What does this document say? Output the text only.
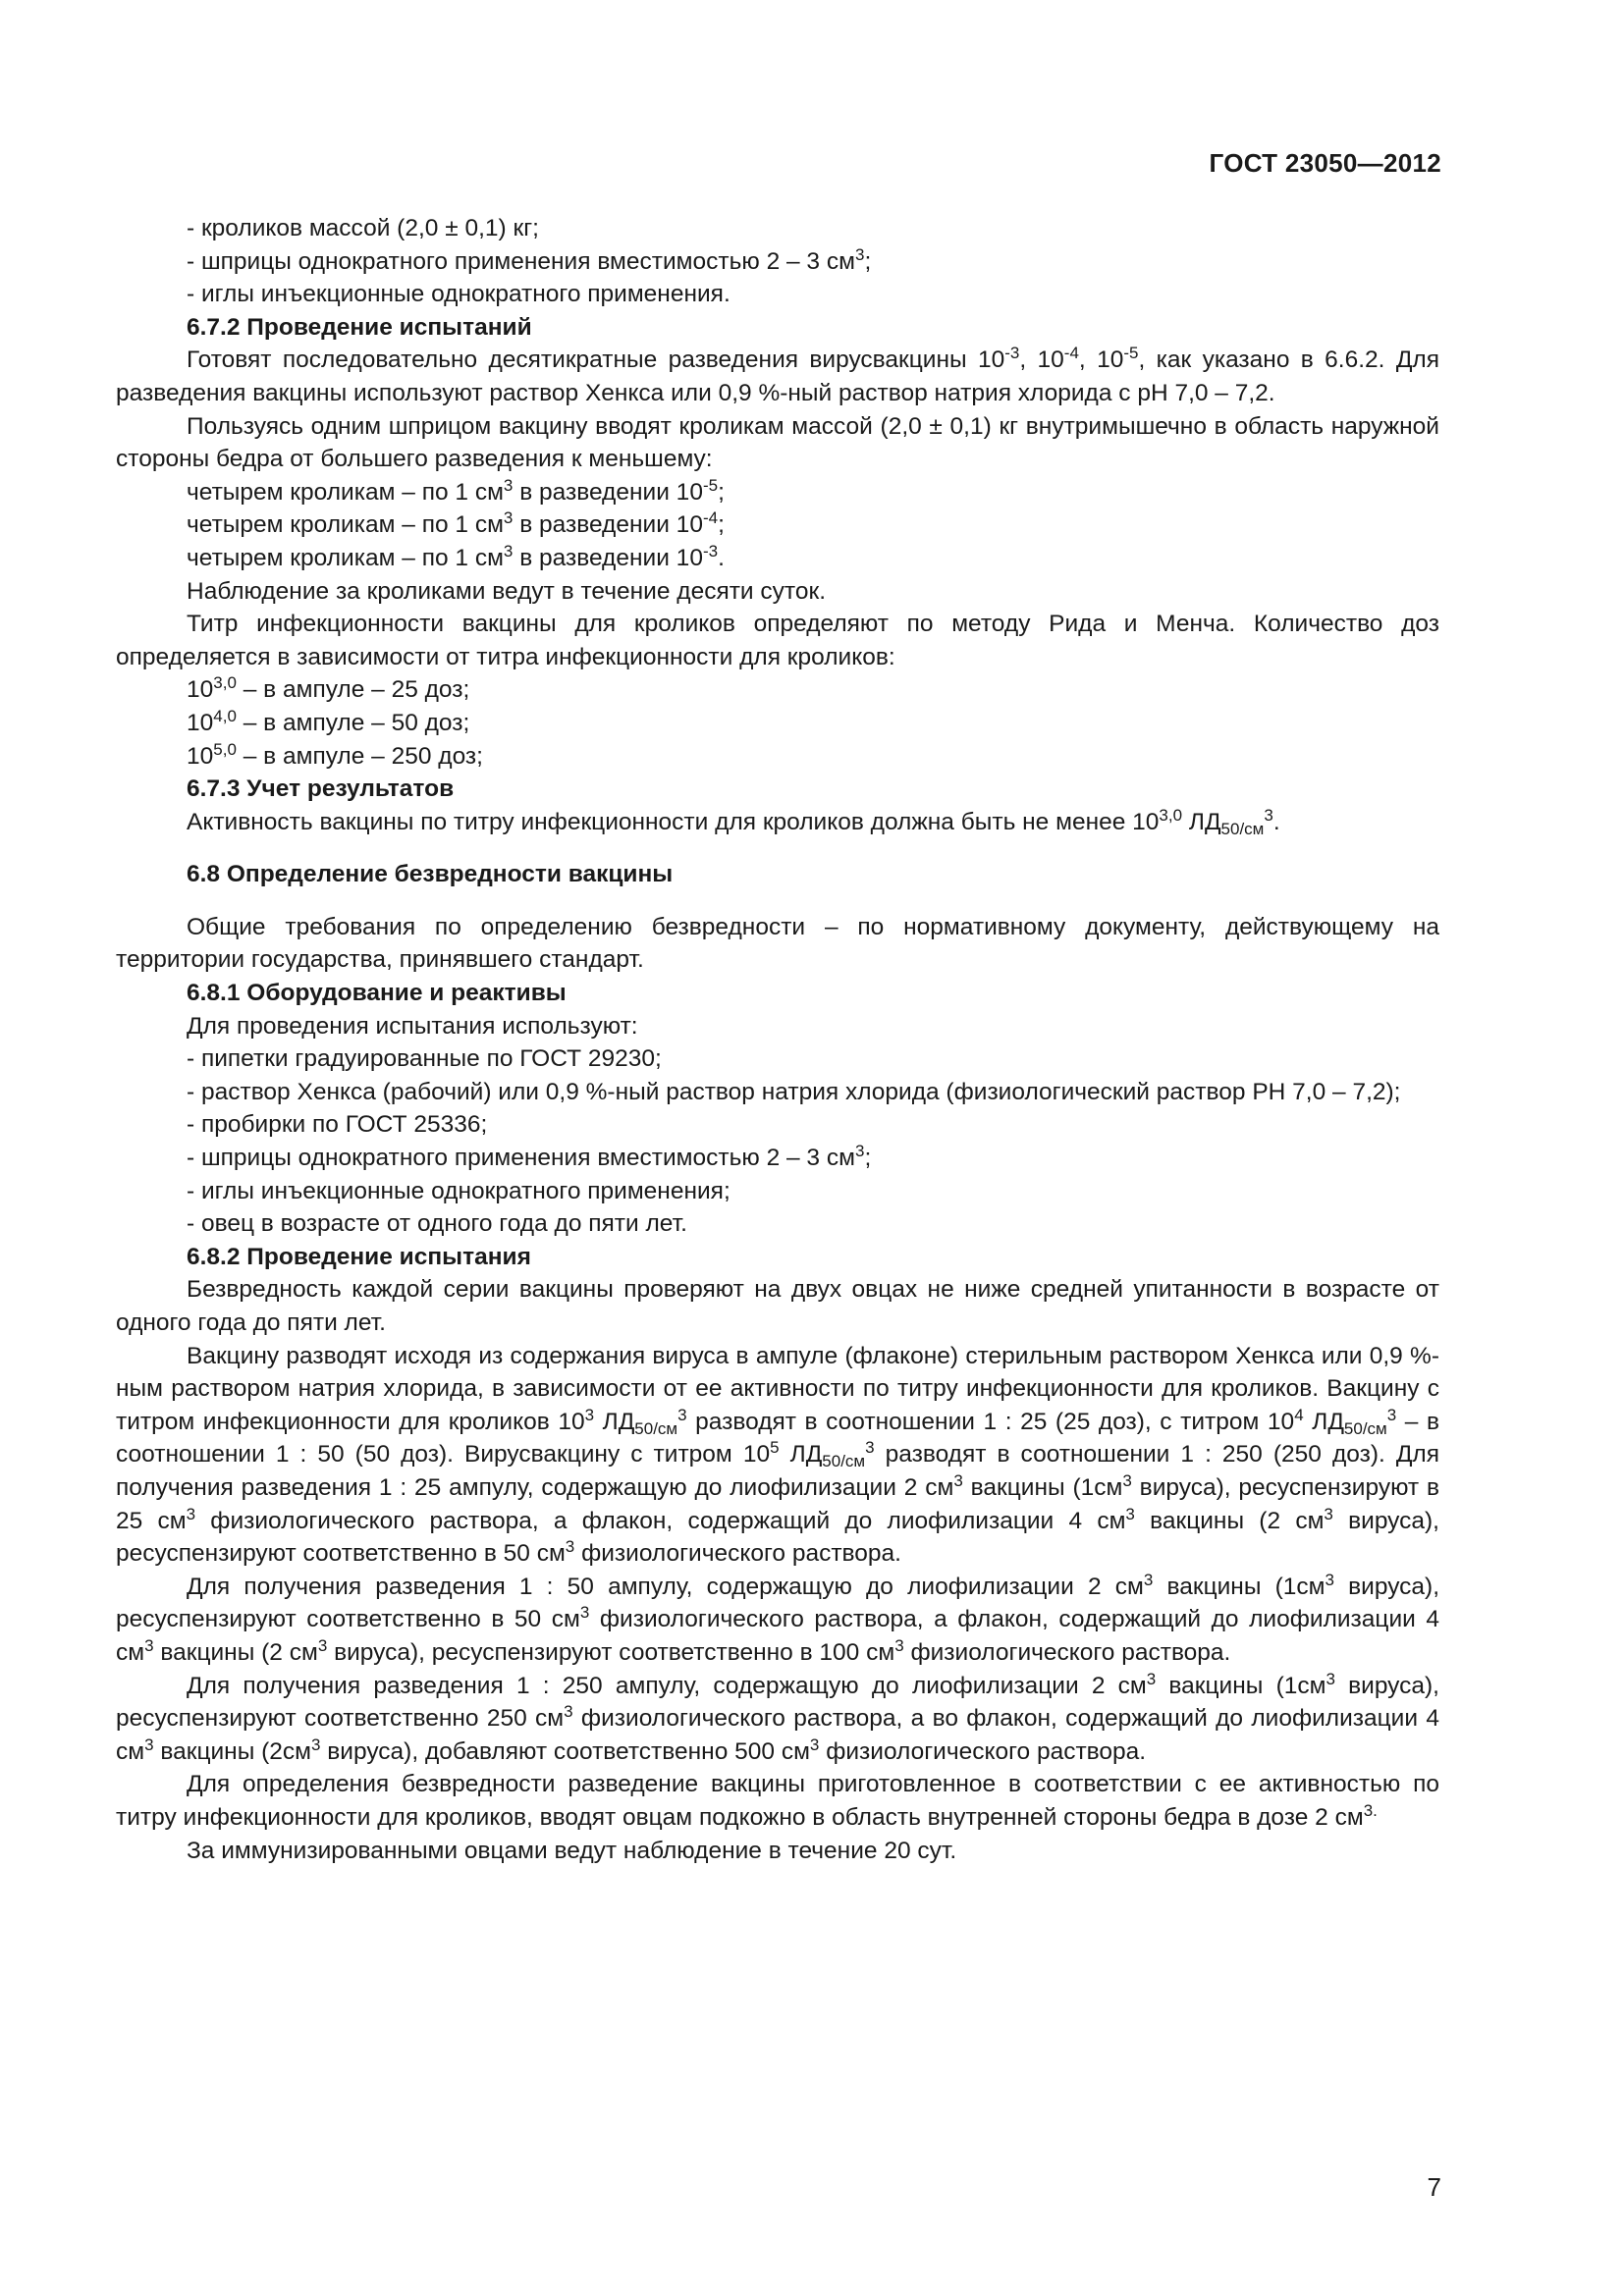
ГОСТ 23050—2012

- кроликов массой (2,0 ± 0,1) кг;

- шприцы однократного применения вместимостью 2 – 3 $см^3$;

- иглы инъекционные однократного применения.

6.7.2 Проведение испытаний

Готовят последовательно десятикратные разведения вирусвакцины $10^{-3}$, $10^{-4}$, $10^{-5}$, как указано в 6.6.2. Для разведения вакцины используют раствор Хенкса или 0,9 %-ный раствор натрия хлорида с pH 7,0 – 7,2.

Пользуясь одним шприцом вакцину вводят кроликам массой (2,0 ± 0,1) кг внутримышечно в область наружной стороны бедра от большего разведения к меньшему:

четырем кроликам – по 1 $см^3$ в разведении $10^{-5}$;

четырем кроликам – по 1 $см^3$ в разведении $10^{-4}$;

четырем кроликам – по 1 $см^3$ в разведении $10^{-3}$.

Наблюдение за кроликами ведут в течение десяти суток.

Титр инфекционности вакцины для кроликов определяют по методу Рида и Менча. Количество доз определяется в зависимости от титра инфекционности для кроликов:

10$^{3,0}$ – в ампуле – 25 доз;

10$^{4,0}$ – в ампуле – 50 доз;

10$^{5,0}$ – в ампуле – 250 доз;

6.7.3 Учет результатов

Активность вакцины по титру инфекционности для кроликов должна быть не менее 10$^{3,0}$ $ЛД_{50/см}^3$.

6.8 Определение безвредности вакцины

Общие требования по определению безвредности – по нормативному документу, действующему на территории государства, принявшего стандарт.

6.8.1 Оборудование и реактивы

Для проведения испытания используют:

- пипетки градуированные по ГОСТ 29230;

- раствор Хенкса (рабочий) или 0,9 %-ный раствор натрия хлорида (физиологический раствор РН 7,0 – 7,2);

- пробирки по ГОСТ 25336;

- шприцы однократного применения вместимостью 2 – 3 $см^3$;

- иглы инъекционные однократного применения;

- овец в возрасте от одного года до пяти лет.

6.8.2 Проведение испытания

Безвредность каждой серии вакцины проверяют на двух овцах не ниже средней упитанности в возрасте от одного года до пяти лет.

Вакцину разводят исходя из содержания вируса в ампуле (флаконе) стерильным раствором Хенкса или 0,9 %-ным раствором натрия хлорида, в зависимости от ее активности по титру инфекционности для кроликов. Вакцину с титром инфекционности для кроликов $10^3$ $ЛД_{50/см}^3$ разводят в соотношении 1 : 25 (25 доз), с титром $10^4$ $ЛД_{50/см}^3$ – в соотношении 1 : 50 (50 доз). Вирусвакцину с титром $10^5$ $ЛД_{50/см}^3$ разводят в соотношении 1 : 250 (250 доз). Для получения разведения 1 : 25 ампулу, содержащую до лиофилизации 2 $см^3$ вакцины ($1см^3$ вируса), ресуспензируют в 25 $см^3$ физиологического раствора, а флакон, содержащий до лиофилизации 4 $см^3$ вакцины (2 $см^3$ вируса), ресуспензируют соответственно в 50 $см^3$ физиологического раствора.

Для получения разведения 1 : 50 ампулу, содержащую до лиофилизации 2 $см^3$ вакцины ($1см^3$ вируса), ресуспензируют соответственно в 50 $см^3$ физиологического раствора, а флакон, содержащий до лиофилизации 4 $см^3$ вакцины (2 $см^3$ вируса), ресуспензируют соответственно в 100 $см^3$ физиологического раствора.

Для получения разведения 1 : 250 ампулу, содержащую до лиофилизации 2 $см^3$ вакцины ($1см^3$ вируса), ресуспензируют соответственно 250 $см^3$ физиологического раствора, а во флакон, содержащий до лиофилизации 4 $см^3$ вакцины ($2см^3$ вируса), добавляют соответственно 500 $см^3$ физиологического раствора.

Для определения безвредности разведение вакцины приготовленное в соответствии с ее активностью по титру инфекционности для кроликов, вводят овцам подкожно в область внутренней стороны бедра в дозе 2 $см^{3.}$

За иммунизированными овцами ведут наблюдение в течение 20 сут.

7
